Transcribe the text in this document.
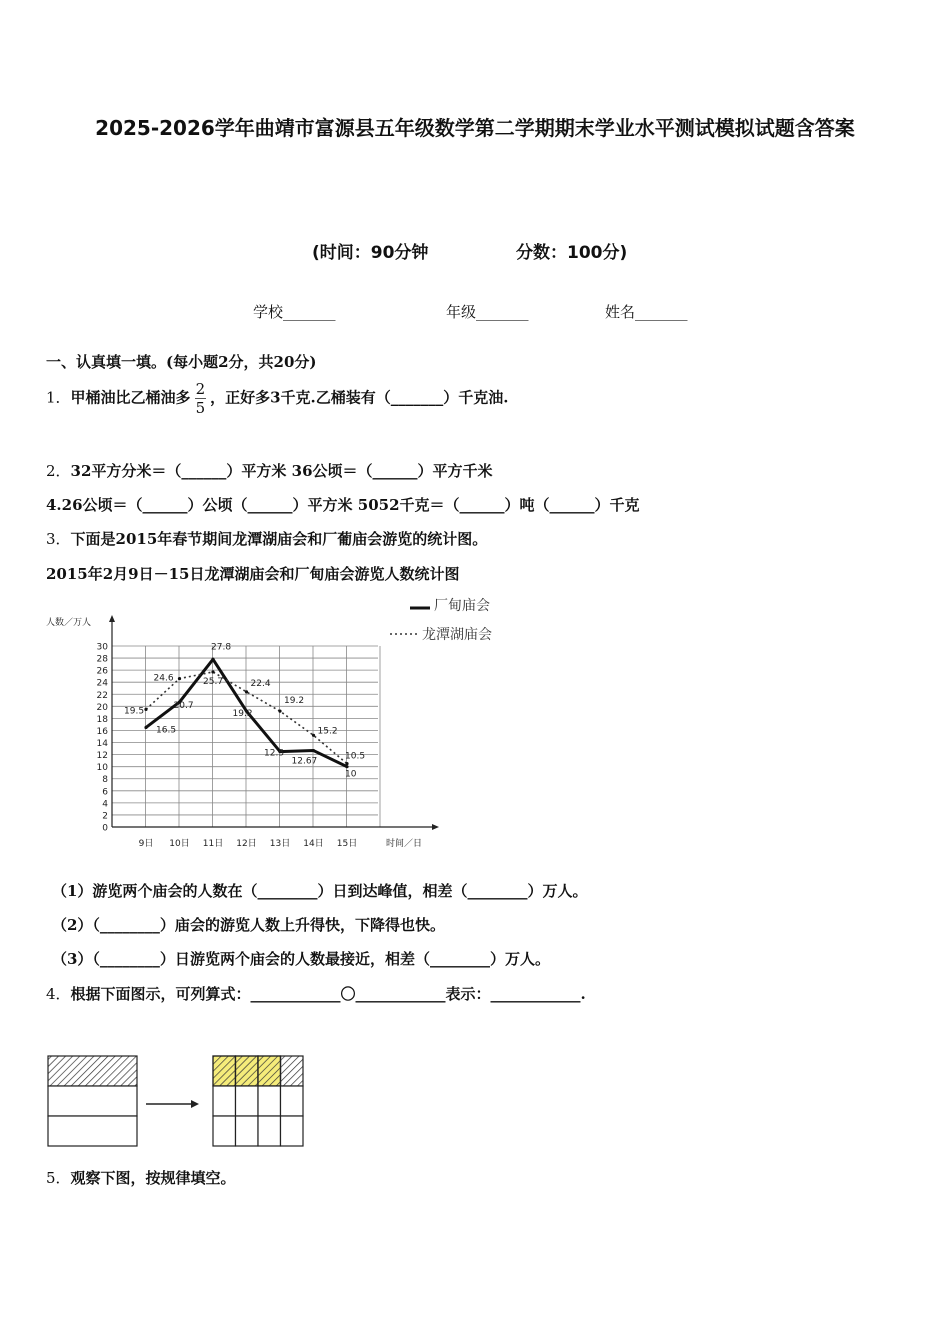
2025-2026学年曲靖市富源县五年级数学第二学期期末学业水平测试模拟试题含答案
(时间：90分钟	分数：100分)
学校_______	年级_______	姓名_______
一、认真填一填。(每小题2分，共20分)
1．甲桶油比乙桶油多 $\frac{2}{5}$ ，正好多3千克.乙桶装有（_______）千克油.
2．32平方分米＝（______）平方米 36公顷＝（______）平方千米
4.26公顷＝（______）公顷（______）平方米 5052千克＝（______）吨（______）千克
3．下面是2015年春节期间龙潭湖庙会和厂葡庙会游览的统计图。
2015年2月9日－15日龙潭湖庙会和厂甸庙会游览人数统计图
人数／万人
时间／日
0
2
4
6
8
10
12
14
16
18
20
22
24
26
28
30
9日 10日 11日 12日 13日 14日 15日
16.5
20.7
27.8
19.2
12.5
12.67
10
19.5
24.6	25.7	22.4
19.2
15.2
10.5
厂甸庙会
龙潭湖庙会
（1）游览两个庙会的人数在（________）日到达峰值，相差（________）万人。
（2）（________）庙会的游览人数上升得快，下降得也快。
（3）（________）日游览两个庙会的人数最接近，相差（________）万人。
4．根据下面图示，可列算式：____________〇____________表示：____________.
5．观察下图，按规律填空。
